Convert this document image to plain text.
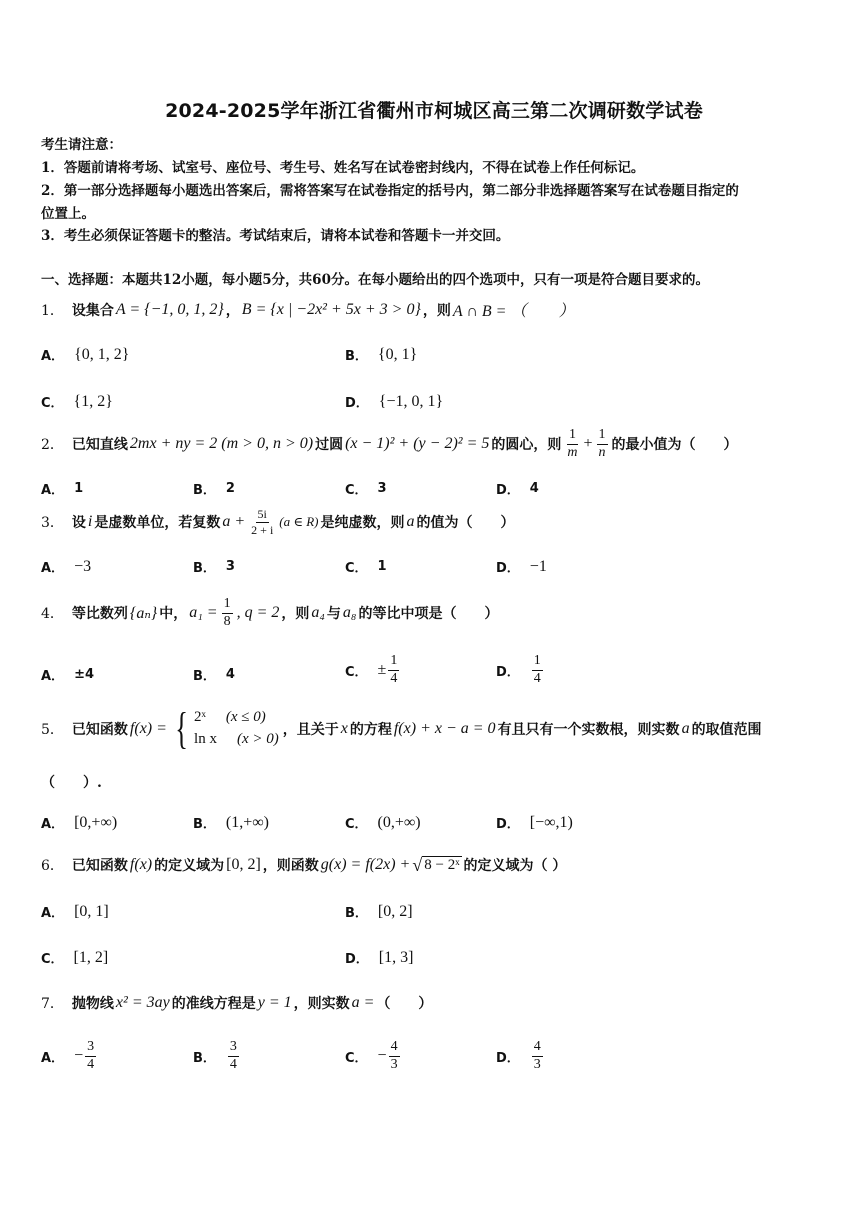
2024-2025学年浙江省衢州市柯城区高三第二次调研数学试卷
考生请注意：
1．答题前请将考场、试室号、座位号、考生号、姓名写在试卷密封线内，不得在试卷上作任何标记。
2．第一部分选择题每小题选出答案后，需将答案写在试卷指定的括号内，第二部分非选择题答案写在试卷题目指定的
位置上。
3．考生必须保证答题卡的整洁。考试结束后，请将本试卷和答题卡一并交回。
一、选择题：本题共12小题，每小题5分，共60分。在每小题给出的四个选项中，只有一项是符合题目要求的。
1． 设集合 A = {−1, 0, 1, 2} ， B = {x | −2x² + 5x + 3 > 0} ，则 A ∩ B = （　　）
A． {0, 1, 2}	B． {0, 1}
C． {1, 2}	D． {−1, 0, 1}
2． 已知直线 2mx + ny = 2 (m > 0, n > 0) 过圆 (x − 1)² + (y − 2)² = 5 的圆心，则 $\frac{1}{m} + \frac{1}{n}$ 的最小值为（　　）
A． 1	B． 2	C． 3	D． 4
3． 设 i 是虚数单位，若复数 $a + \frac{5i}{2 + i} (a$ ∈ R) 是纯虚数，则 a 的值为（　　）
A． −3	B． 3	C． 1	D． −1
4． 等比数列 {aₙ} 中， $a_1 = \frac{1}{8}$ , q = 2 ，则 a₄ 与 a₈ 的等比中项是（　　）
A． ±4	B． 4	C． ± $\frac{1}{4}$	D． $\frac{1}{4}$
5． 已知函数 f(x) = { 2ˣ (x ≤ 0)
ln x (x > 0)
，且关于 x 的方程 f(x) + x − a = 0 有且只有一个实数根，则实数 a 的取值范围
（　　）.
A． [0,+∞)	B． (1,+∞)	C． (0,+∞)	D． [−∞,1)
6． 已知函数 f(x) 的定义域为 [0, 2] ，则函数 g(x) = f(2x) + √ 8 − 2ˣ 的定义域为（ ）
A． [0, 1]	B． [0, 2]
C． [1, 2]	D． [1, 3]
7． 抛物线 x² = 3ay 的准线方程是 y = 1 ，则实数 a = （　　）
A． − $\frac{3}{4}$	B． $\frac{3}{4}$	C． − $\frac{4}{3}$	D． $\frac{4}{3}$
